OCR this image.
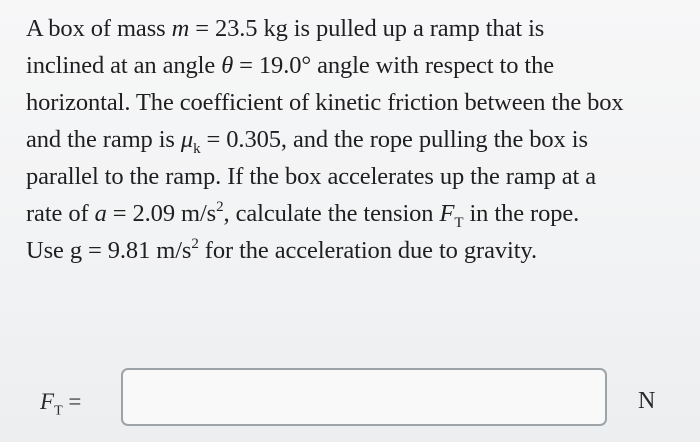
A box of mass m = 23.5 kg is pulled up a ramp that is
inclined at an angle θ = 19.0° angle with respect to the
horizontal. The coefficient of kinetic friction between the box
and the ramp is $\mu_k = 0.305$, and the rope pulling the box is
parallel to the ramp. If the box accelerates up the ramp at a
rate of a = 2.09 $m/s^2$, calculate the tension $F_T$ in the rope.
Use g = 9.81 $m/s^2$ for the acceleration due to gravity.
$F_T$ =	N
